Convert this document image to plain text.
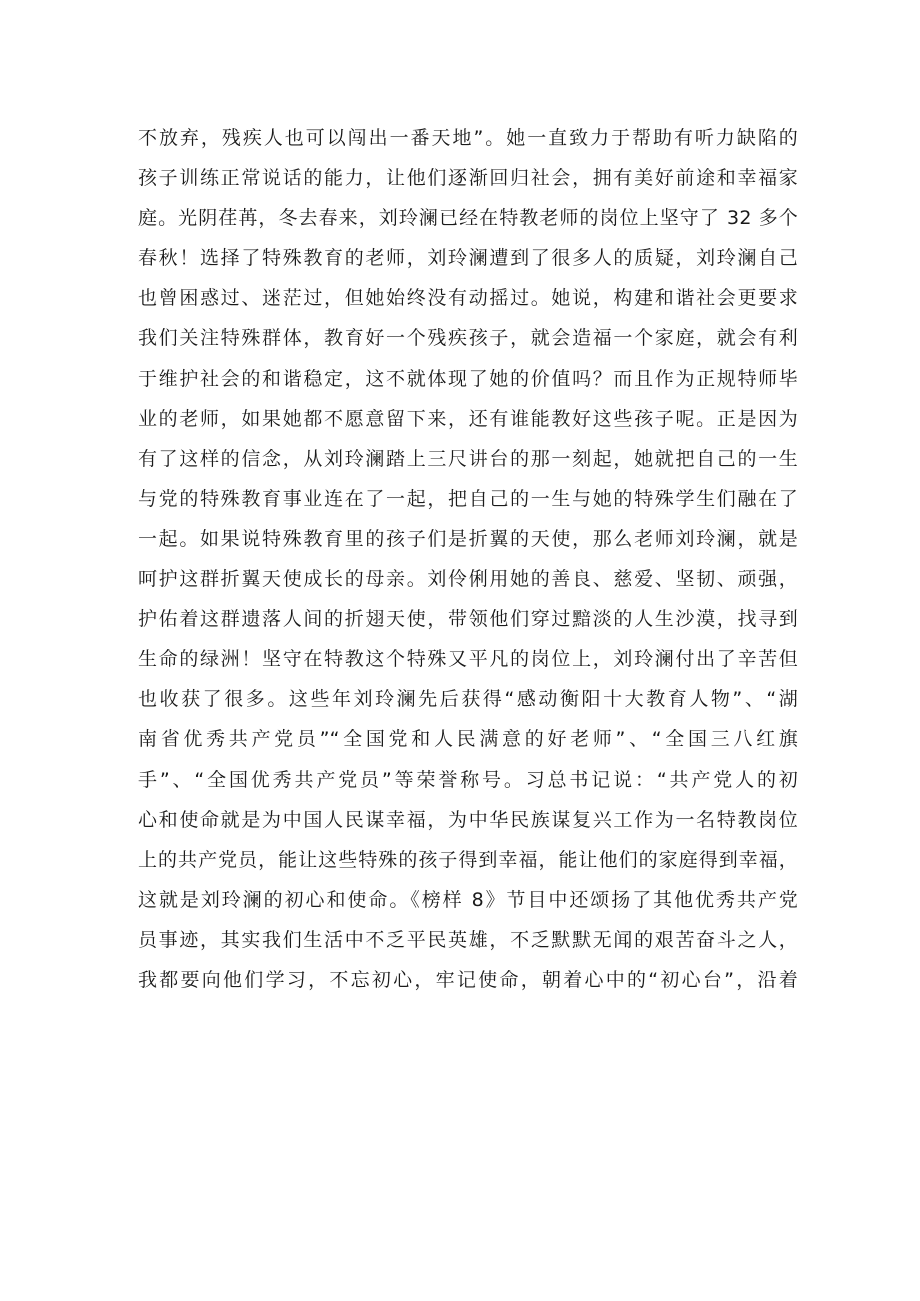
不放弃，残疾人也可以闯出一番天地”。她一直致力于帮助有听力缺陷的
孩子训练正常说话的能力，让他们逐渐回归社会，拥有美好前途和幸福家
庭。光阴荏苒，冬去春来，刘玲澜已经在特教老师的岗位上坚守了 32 多个
春秋！选择了特殊教育的老师，刘玲澜遭到了很多人的质疑，刘玲澜自己
也曾困惑过、迷茫过，但她始终没有动摇过。她说，构建和谐社会更要求
我们关注特殊群体，教育好一个残疾孩子，就会造福一个家庭，就会有利
于维护社会的和谐稳定，这不就体现了她的价值吗？而且作为正规特师毕
业的老师，如果她都不愿意留下来，还有谁能教好这些孩子呢。正是因为
有了这样的信念，从刘玲澜踏上三尺讲台的那一刻起，她就把自己的一生
与党的特殊教育事业连在了一起，把自己的一生与她的特殊学生们融在了
一起。如果说特殊教育里的孩子们是折翼的天使，那么老师刘玲澜，就是
呵护这群折翼天使成长的母亲。刘伶俐用她的善良、慈爱、坚韧、顽强，
护佑着这群遗落人间的折翅天使，带领他们穿过黯淡的人生沙漠，找寻到
生命的绿洲！坚守在特教这个特殊又平凡的岗位上，刘玲澜付出了辛苦但
也收获了很多。这些年刘玲澜先后获得“感动衡阳十大教育人物”、“湖
南省优秀共产党员”“全国党和人民满意的好老师”、“全国三八红旗
手”、“全国优秀共产党员”等荣誉称号。习总书记说：“共产党人的初
心和使命就是为中国人民谋幸福，为中华民族谋复兴工作为一名特教岗位
上的共产党员，能让这些特殊的孩子得到幸福，能让他们的家庭得到幸福，
这就是刘玲澜的初心和使命。《榜样 8》节目中还颂扬了其他优秀共产党
员事迹，其实我们生活中不乏平民英雄，不乏默默无闻的艰苦奋斗之人，
我都要向他们学习，不忘初心，牢记使命，朝着心中的“初心台”，沿着
